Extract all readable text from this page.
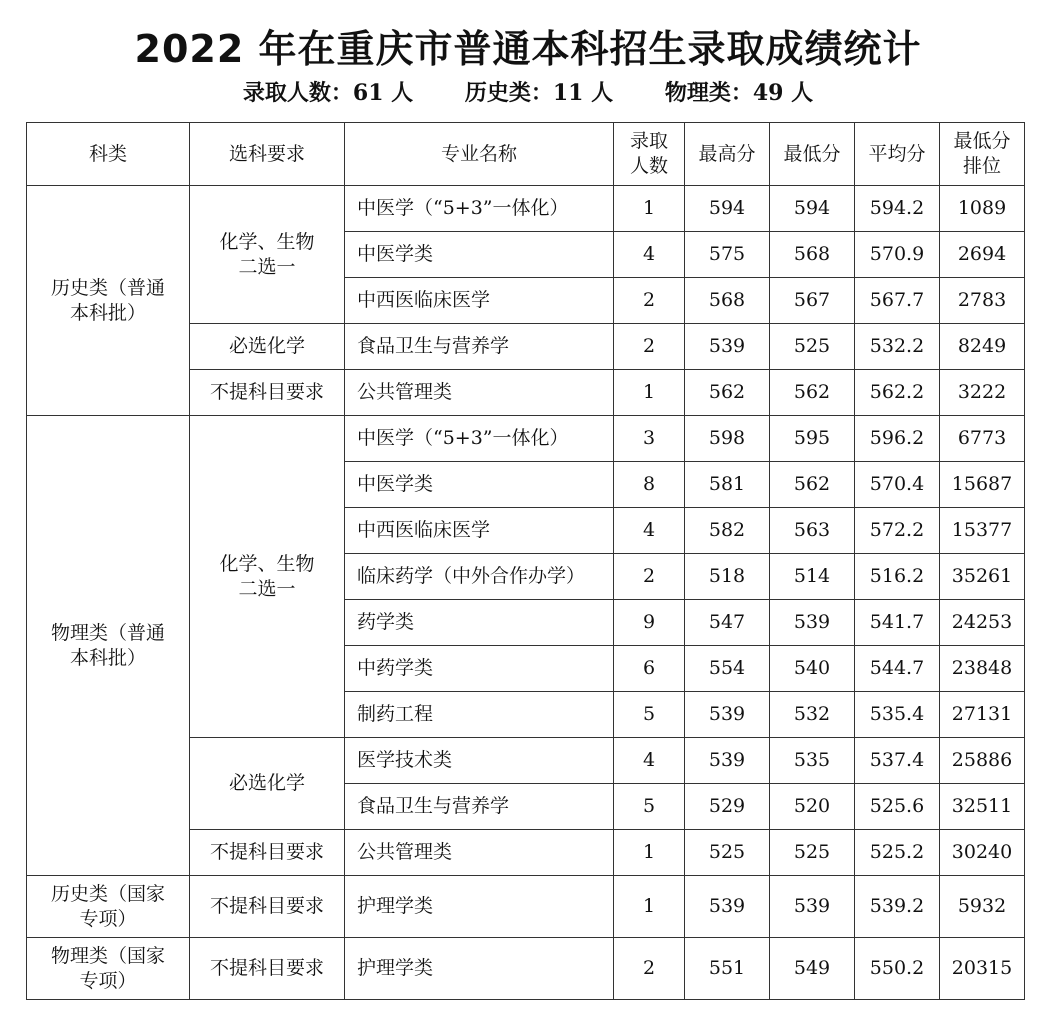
2022 年在重庆市普通本科招生录取成绩统计
录取人数：61 人 历史类：11 人 物理类：49 人
科类	选科要求	专业名称	录取人数	最高分	最低分	平均分	最低分排位

历史类（普通本科批）	化学、生物二选一	中医学（“5+3”一体化）	1	594	594	594.2	1089
		中医学类	4	575	568	570.9	2694
		中西医临床医学	2	568	567	567.7	2783
	必选化学	食品卫生与营养学	2	539	525	532.2	8249
	不提科目要求	公共管理类	1	562	562	562.2	3222

物理类（普通本科批）	化学、生物二选一	中医学（“5+3”一体化）	3	598	595	596.2	6773
		中医学类	8	581	562	570.4	15687
		中西医临床医学	4	582	563	572.2	15377
		临床药学（中外合作办学）	2	518	514	516.2	35261
		药学类	9	547	539	541.7	24253
		中药学类	6	554	540	544.7	23848
		制药工程	5	539	532	535.4	27131
	必选化学	医学技术类	4	539	535	537.4	25886
		食品卫生与营养学	5	529	520	525.6	32511
	不提科目要求	公共管理类	1	525	525	525.2	30240

历史类（国家专项）	不提科目要求	护理学类	1	539	539	539.2	5932

物理类（国家专项）	不提科目要求	护理学类	2	551	549	550.2	20315
